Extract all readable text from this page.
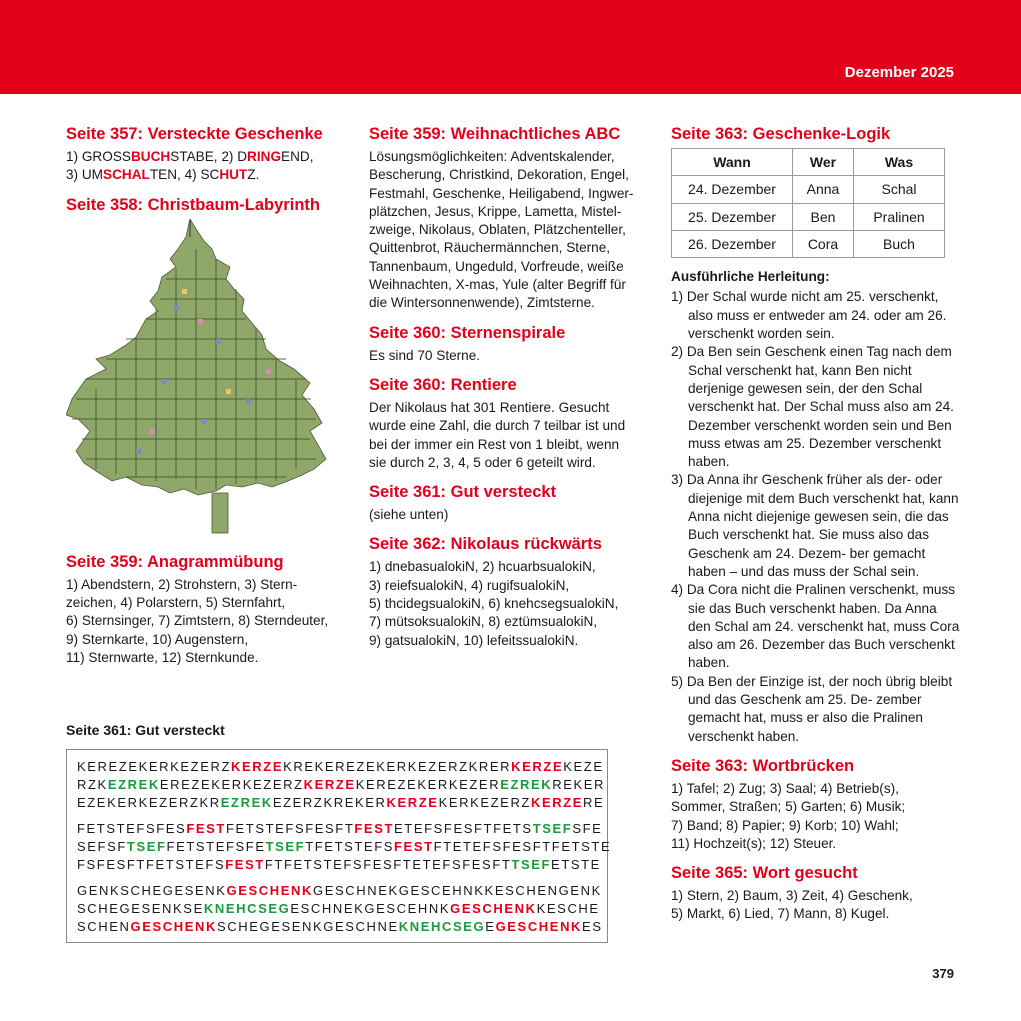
Dezember 2025
Seite 357: Versteckte Geschenke

1) GROSSBUCHSTABE, 2) DRINGEND,
3) UMSCHALTEN, 4) SCHUTZ.

Seite 358: Christbaum-Labyrinth
Seite 359: Anagrammübung

1) Abendstern, 2) Strohstern, 3) Stern-
zeichen, 4) Polarstern, 5) Sternfahrt,
6) Sternsinger, 7) Zimtstern, 8) Sterndeuter,
9) Sternkarte, 10) Augenstern,
11) Sternwarte, 12) Sternkunde.

Seite 359: Weihnachtliches ABC

Lösungsmöglichkeiten: Adventskalender,
Bescherung, Christkind, Dekoration, Engel,
Festmahl, Geschenke, Heiligabend, Ingwer-
plätzchen, Jesus, Krippe, Lametta, Mistel-
zweige, Nikolaus, Oblaten, Plätzchenteller,
Quittenbrot, Räuchermännchen, Sterne,
Tannenbaum, Ungeduld, Vorfreude, weiße
Weihnachten, X-mas, Yule (alter Begriff für
die Wintersonnenwende), Zimtsterne.

Seite 360: Sternenspirale

Es sind 70 Sterne.

Seite 360: Rentiere

Der Nikolaus hat 301 Rentiere. Gesucht
wurde eine Zahl, die durch 7 teilbar ist und
bei der immer ein Rest von 1 bleibt, wenn
sie durch 2, 3, 4, 5 oder 6 geteilt wird.

Seite 361: Gut versteckt

(siehe unten)

Seite 362: Nikolaus rückwärts

1) dnebasualokiN, 2) hcuarbsualokiN,
3) reiefsualokiN, 4) rugifsualokiN,
5) thcidegsualokiN, 6) knehcsegsualokiN,
7) mütsoksualokiN, 8) eztümsualokiN,
9) gatsualokiN, 10) lefeitssualokiN.

Seite 363: Geschenke-Logik
Wann	Wer	Was
24. Dezember	Anna	Schal
25. Dezember	Ben	Pralinen
26. Dezember	Cora	Buch
Ausführliche Herleitung:
1) Der Schal wurde nicht am 25. verschenkt, also muss er entweder am 24. oder am 26. verschenkt worden sein.
2) Da Ben sein Geschenk einen Tag nach dem Schal verschenkt hat, kann Ben nicht derjenige gewesen sein, der den Schal verschenkt hat. Der Schal muss also am 24. Dezember verschenkt worden sein und Ben muss etwas am 25. Dezember verschenkt haben.
3) Da Anna ihr Geschenk früher als der- oder diejenige mit dem Buch verschenkt hat, kann Anna nicht diejenige gewesen sein, die das Buch verschenkt hat. Sie muss also das Geschenk am 24. Dezem- ber gemacht haben – und das muss der Schal sein.
4) Da Cora nicht die Pralinen verschenkt, muss sie das Buch verschenkt haben. Da Anna den Schal am 24. verschenkt hat, muss Cora also am 26. Dezember das Buch verschenkt haben.
5) Da Ben der Einzige ist, der noch übrig bleibt und das Geschenk am 25. De- zember gemacht hat, muss er also die Pralinen verschenkt haben.
Seite 363: Wortbrücken

1) Tafel; 2) Zug; 3) Saal; 4) Betrieb(s),
Sommer, Straßen; 5) Garten; 6) Musik;
7) Band; 8) Papier; 9) Korb; 10) Wahl;
11) Hochzeit(s); 12) Steuer.

Seite 365: Wort gesucht

1) Stern, 2) Baum, 3) Zeit, 4) Geschenk,
5) Markt, 6) Lied, 7) Mann, 8) Kugel.

Seite 361: Gut versteckt
KEREZEKERKEZERZKERZEKREKEREZEKERKEZERZKRERKERZEKEZE
RZKEZREKEREZEKERKEZERZKERZEKEREZEKERKEZEREZREKREKER
EZEKERKEZERZKREZREKEZERZKREKERKERZEKERKEZERZKERZERE
FETSTEFSFESFESTFETSTEFSFESFTFESTETEFSFESFTFETSTSEFSFE
SEFSFTSEFFETSTEFSFETSEFTFETSTEFSFESTFTETEFSFESFTFETSTE
FSFESFTFETSTEFSFESTFTFETSTEFSFESFTETEFSFESFTTSEFETSTE
GENKSCHEGESENKGESCHENKGESCHNEKGESCEHNKKESCHENGENK
SCHEGESENKSEKNEHCSEGESCHNEKGESCEHNKGESCHENKKESCHE
SCHENGESCHENKSCHEGESENKGESCHNEKNEHCSEGEGESCHENKES
379
